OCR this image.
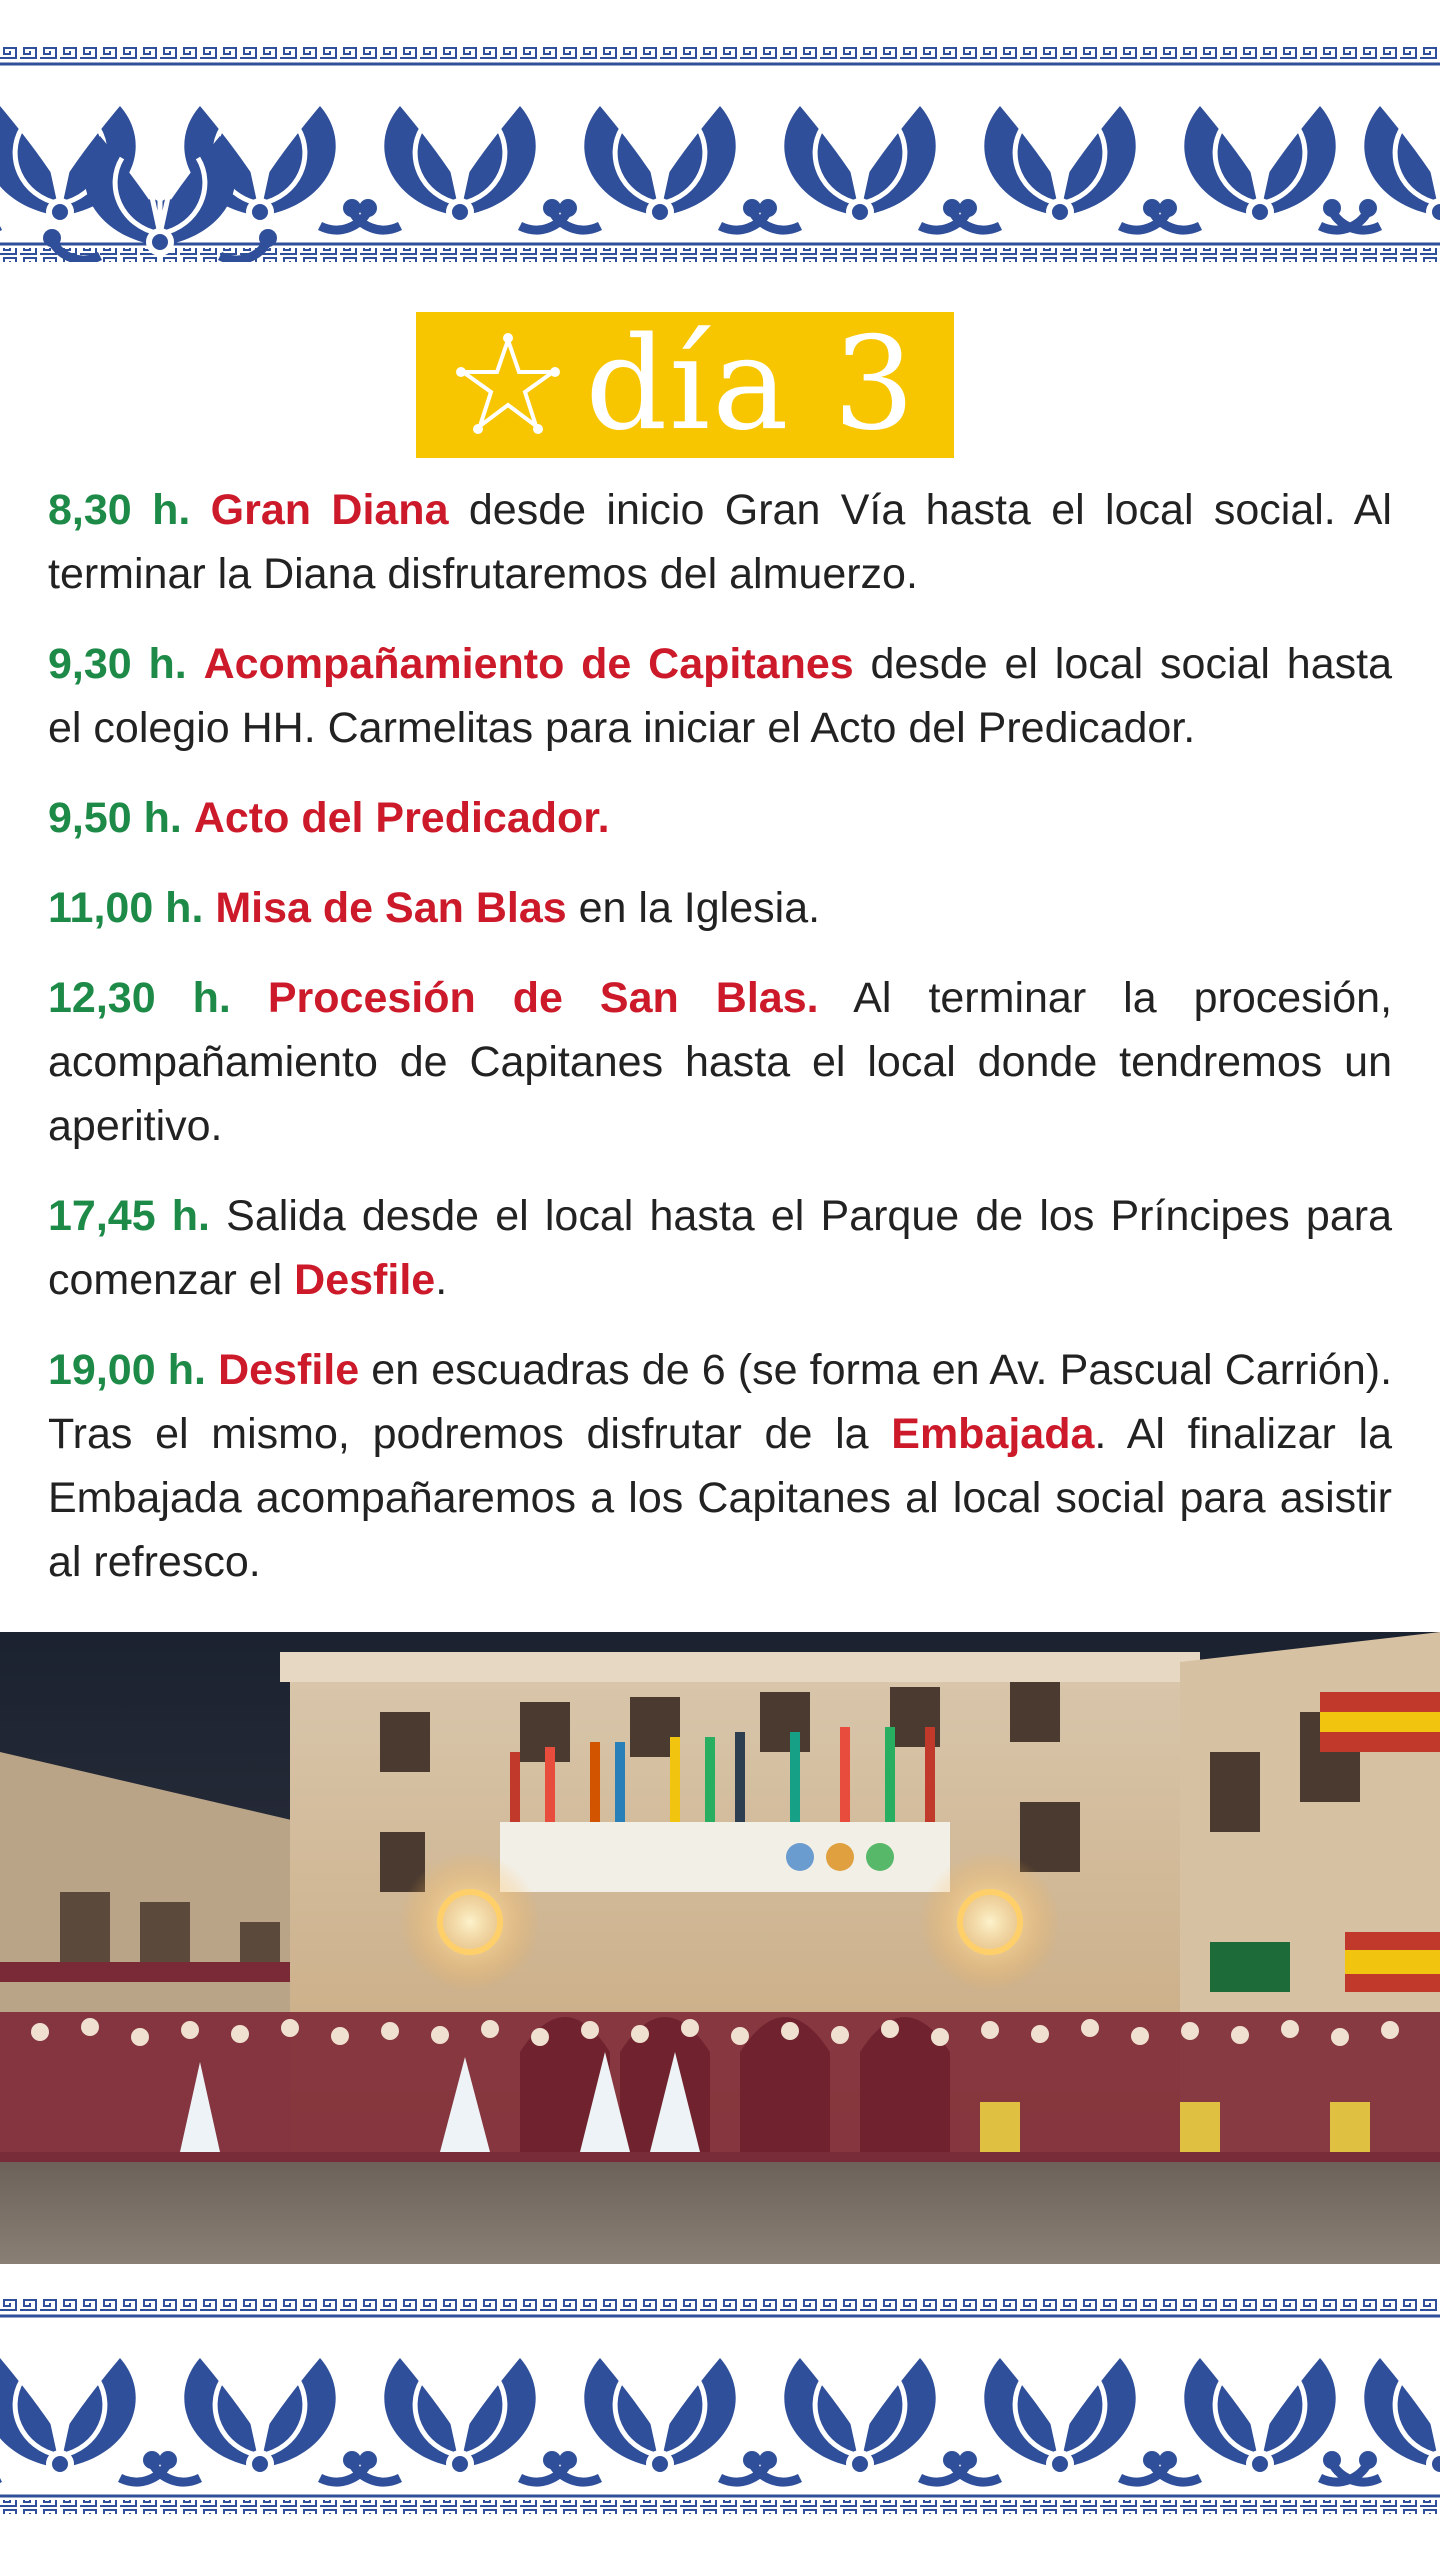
día 3

8,30 h. Gran Diana desde inicio Gran Vía hasta el local social. Al terminar la Diana disfrutaremos del almuerzo.

9,30 h. Acompañamiento de Capitanes desde el local social hasta el colegio HH. Carmelitas para iniciar el Acto del Predicador.

9,50 h. Acto del Predicador.

11,00 h. Misa de San Blas en la Iglesia.

12,30 h. Procesión de San Blas. Al terminar la procesión, acompañamiento de Capitanes hasta el local donde tendremos un aperitivo.

17,45 h. Salida desde el local hasta el Parque de los Príncipes para comenzar el Desfile.

19,00 h. Desfile en escuadras de 6 (se forma en Av. Pascual Carrión). Tras el mismo, podremos disfrutar de la Embajada. Al finalizar la Embajada acompañaremos a los Capitanes al local social para asistir al refresco.
